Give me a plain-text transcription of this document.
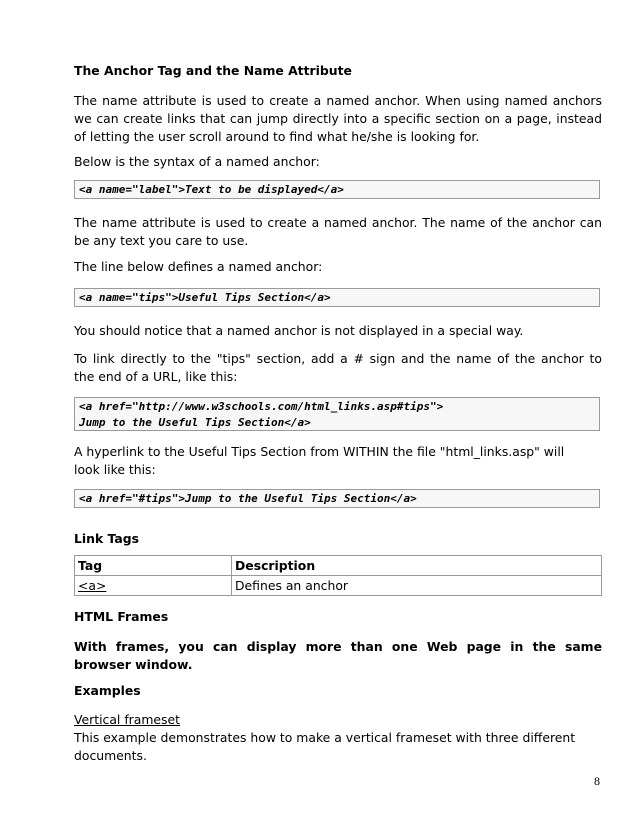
The Anchor Tag and the Name Attribute

The name attribute is used to create a named anchor. When using named anchors

we can create links that can jump directly into a specific section on a page, instead

of letting the user scroll around to find what he/she is looking for.

Below is the syntax of a named anchor:

<a name="label">Text to be displayed</a>

The name attribute is used to create a named anchor. The name of the anchor can

be any text you care to use.

The line below defines a named anchor:

<a name="tips">Useful Tips Section</a>

You should notice that a named anchor is not displayed in a special way.

To link directly to the "tips" section, add a # sign and the name of the anchor to

the end of a URL, like this:

<a href="http://www.w3schools.com/html_links.asp#tips">
Jump to the Useful Tips Section</a>

A hyperlink to the Useful Tips Section from WITHIN the file "html_links.asp" will

look like this:

<a href="#tips">Jump to the Useful Tips Section</a>

Link Tags

Tag	Description
<a>	Defines an anchor

HTML Frames

With frames, you can display more than one Web page in the same

browser window.

Examples

Vertical frameset

This example demonstrates how to make a vertical frameset with three different

documents.

8
